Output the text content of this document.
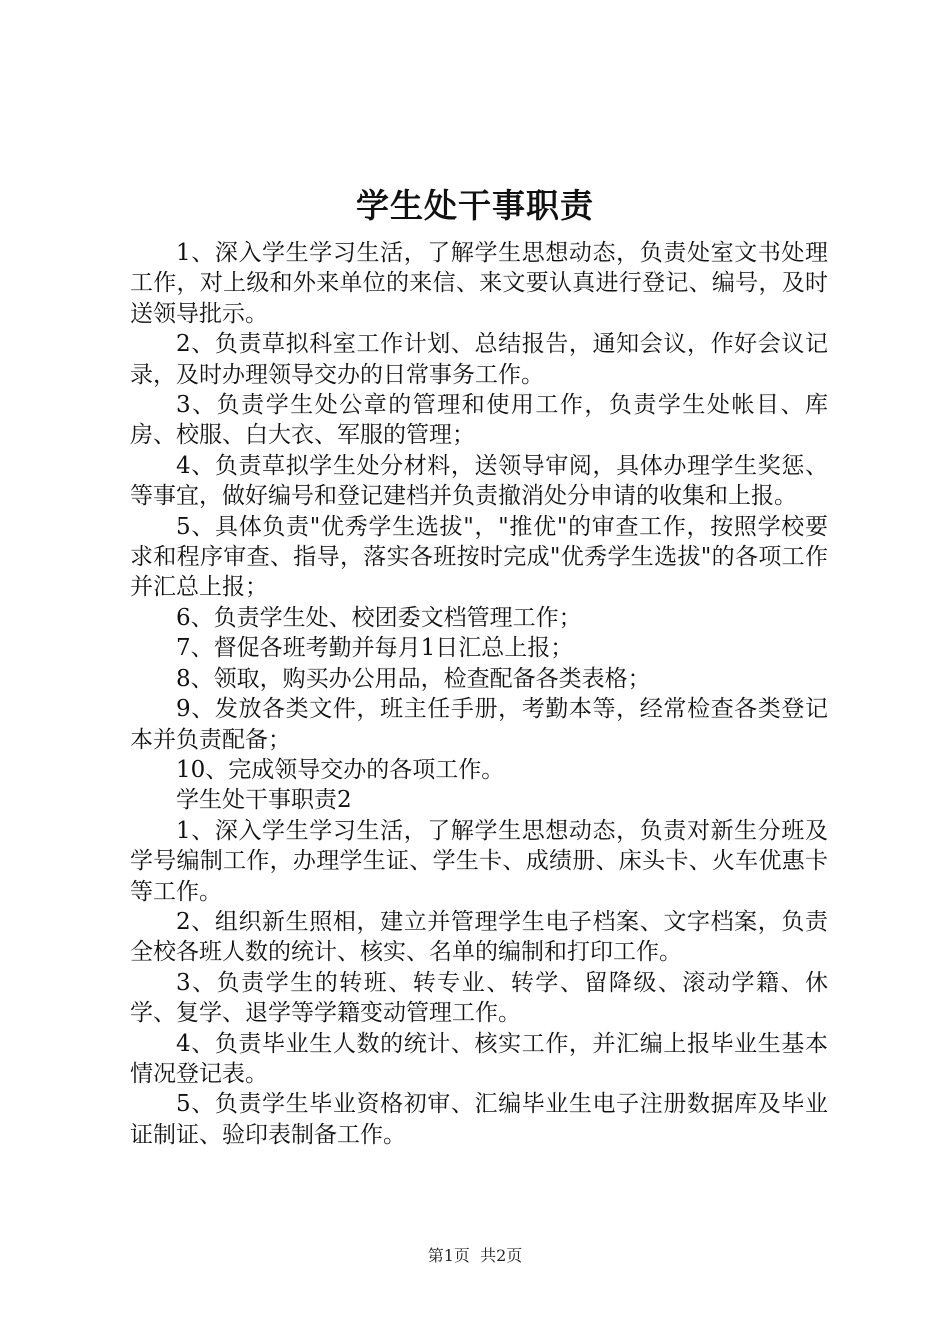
学生处干事职责

1、深入学生学习生活，了解学生思想动态，负责处室文书处理工作，对上级和外来单位的来信、来文要认真进行登记、编号，及时送领导批示。

2、负责草拟科室工作计划、总结报告，通知会议，作好会议记录，及时办理领导交办的日常事务工作。

3、负责学生处公章的管理和使用工作，负责学生处帐目、库房、校服、白大衣、军服的管理；

4、负责草拟学生处分材料，送领导审阅，具体办理学生奖惩、等事宜，做好编号和登记建档并负责撤消处分申请的收集和上报。

5、具体负责"优秀学生选拔"，"推优"的审查工作，按照学校要求和程序审查、指导，落实各班按时完成"优秀学生选拔"的各项工作并汇总上报；

6、负责学生处、校团委文档管理工作；

7、督促各班考勤并每月1日汇总上报；

8、领取，购买办公用品，检查配备各类表格；

9、发放各类文件，班主任手册，考勤本等，经常检查各类登记本并负责配备；

10、完成领导交办的各项工作。

学生处干事职责2

1、深入学生学习生活，了解学生思想动态，负责对新生分班及学号编制工作，办理学生证、学生卡、成绩册、床头卡、火车优惠卡等工作。

2、组织新生照相，建立并管理学生电子档案、文字档案，负责全校各班人数的统计、核实、名单的编制和打印工作。

3、负责学生的转班、转专业、转学、留降级、滚动学籍、休学、复学、退学等学籍变动管理工作。

4、负责毕业生人数的统计、核实工作，并汇编上报毕业生基本情况登记表。

5、负责学生毕业资格初审、汇编毕业生电子注册数据库及毕业证制证、验印表制备工作。

第1页 共2页
